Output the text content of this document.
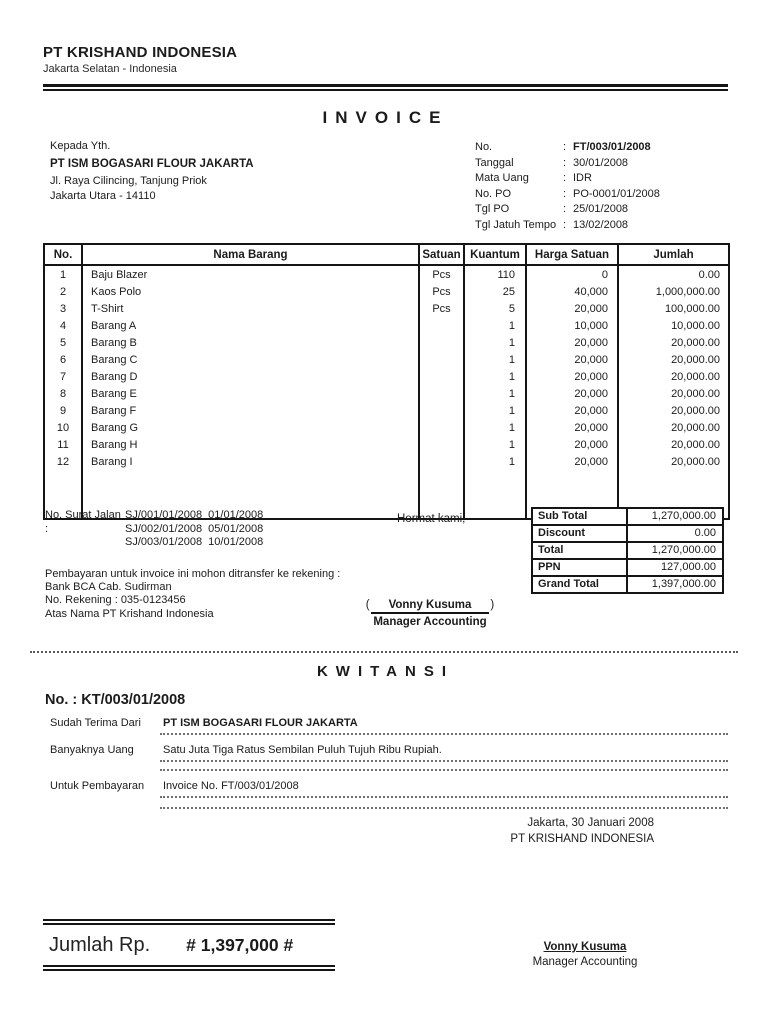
PT KRISHAND INDONESIA
Jakarta Selatan - Indonesia
INVOICE
Kepada Yth.
PT ISM BOGASARI FLOUR JAKARTA
Jl. Raya Cilincing, Tanjung Priok
Jakarta Utara - 14110
No.	: FT/003/01/2008
Tanggal	: 30/01/2008
Mata Uang	: IDR
No. PO	: PO-0001/01/2008
Tgl PO	: 25/01/2008
Tgl Jatuh Tempo : 13/02/2008
No.	Nama Barang	Satuan	Kuantum	Harga Satuan	Jumlah
1	Baju Blazer	Pcs	110	0	0.00
2	Kaos Polo	Pcs	25	40,000	1,000,000.00
3	T-Shirt	Pcs	5	20,000	100,000.00
4	Barang A		1	10,000	10,000.00
5	Barang B		1	20,000	20,000.00
6	Barang C		1	20,000	20,000.00
7	Barang D		1	20,000	20,000.00
8	Barang E		1	20,000	20,000.00
9	Barang F		1	20,000	20,000.00
10	Barang G		1	20,000	20,000.00
11	Barang H		1	20,000	20,000.00
12	Barang I		1	20,000	20,000.00

No. Surat Jalan :
SJ/001/01/2008  01/01/2008
SJ/002/01/2008  05/01/2008
SJ/003/01/2008  10/01/2008
Hormat kami,	Sub Total	1,270,000.00
Discount	0.00
Total	1,270,000.00
PPN	127,000.00
Grand Total	1,397,000.00
Pembayaran untuk invoice ini mohon ditransfer ke rekening :
Bank BCA Cab. Sudirman
No. Rekening : 035-0123456
Atas Nama PT Krishand Indonesia
( Vonny Kusuma )
Manager Accounting
KWITANSI
No. : KT/003/01/2008
Sudah Terima Dari	PT ISM BOGASARI FLOUR JAKARTA
Banyaknya Uang	Satu Juta Tiga Ratus Sembilan Puluh Tujuh Ribu Rupiah.
Untuk Pembayaran	Invoice No. FT/003/01/2008
Jakarta, 30 Januari 2008
PT KRISHAND INDONESIA
Jumlah Rp. # 1,397,000 #	Vonny Kusuma
Manager Accounting
